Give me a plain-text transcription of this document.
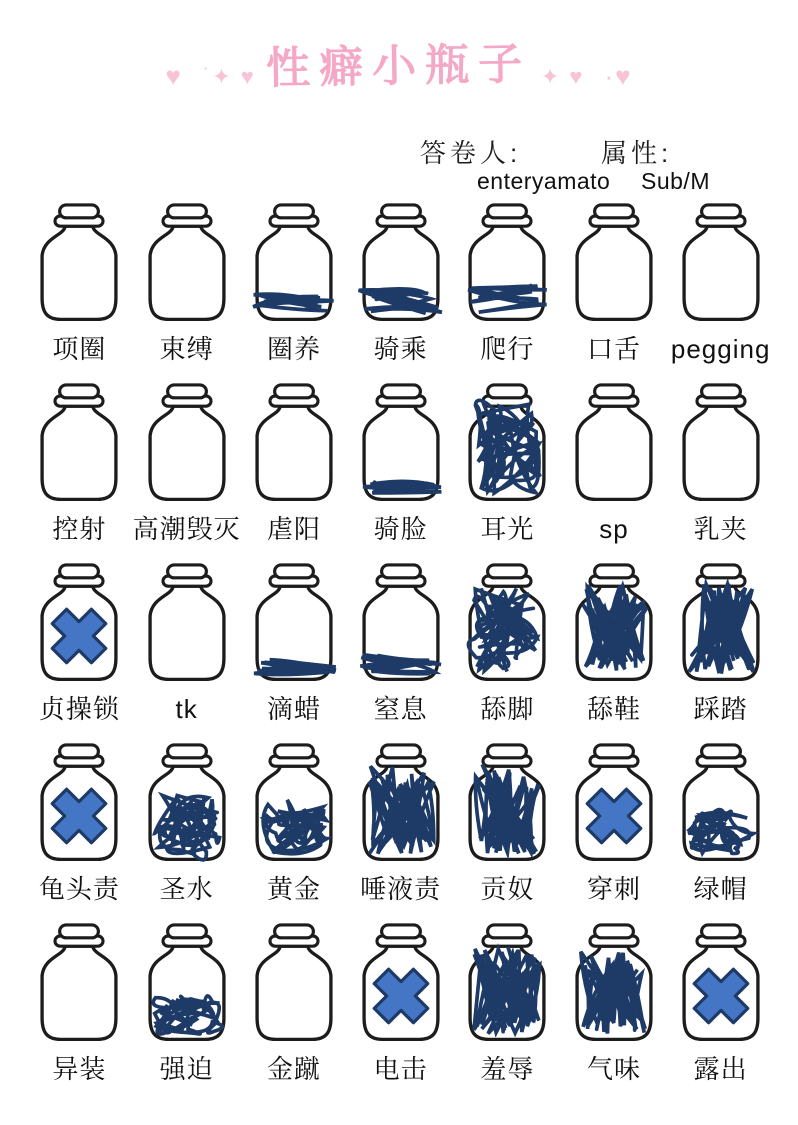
♥ ˙✦ ♥ 性癖小瓶子 ✦ ♥ ·♥
答卷人:
enteryamato
属性:
Sub/M
项圈 束缚 圈养 骑乘 爬行 口舌 pegging
控射 高潮毁灭 虐阳 骑脸 耳光 sp 乳夹
贞操锁 tk	滴蜡 窒息 舔脚 舔鞋 踩踏
龟头责 圣水 黄金 唾液责 贡奴 穿刺 绿帽
异装 强迫 金蹴 电击 羞辱 气味 露出
